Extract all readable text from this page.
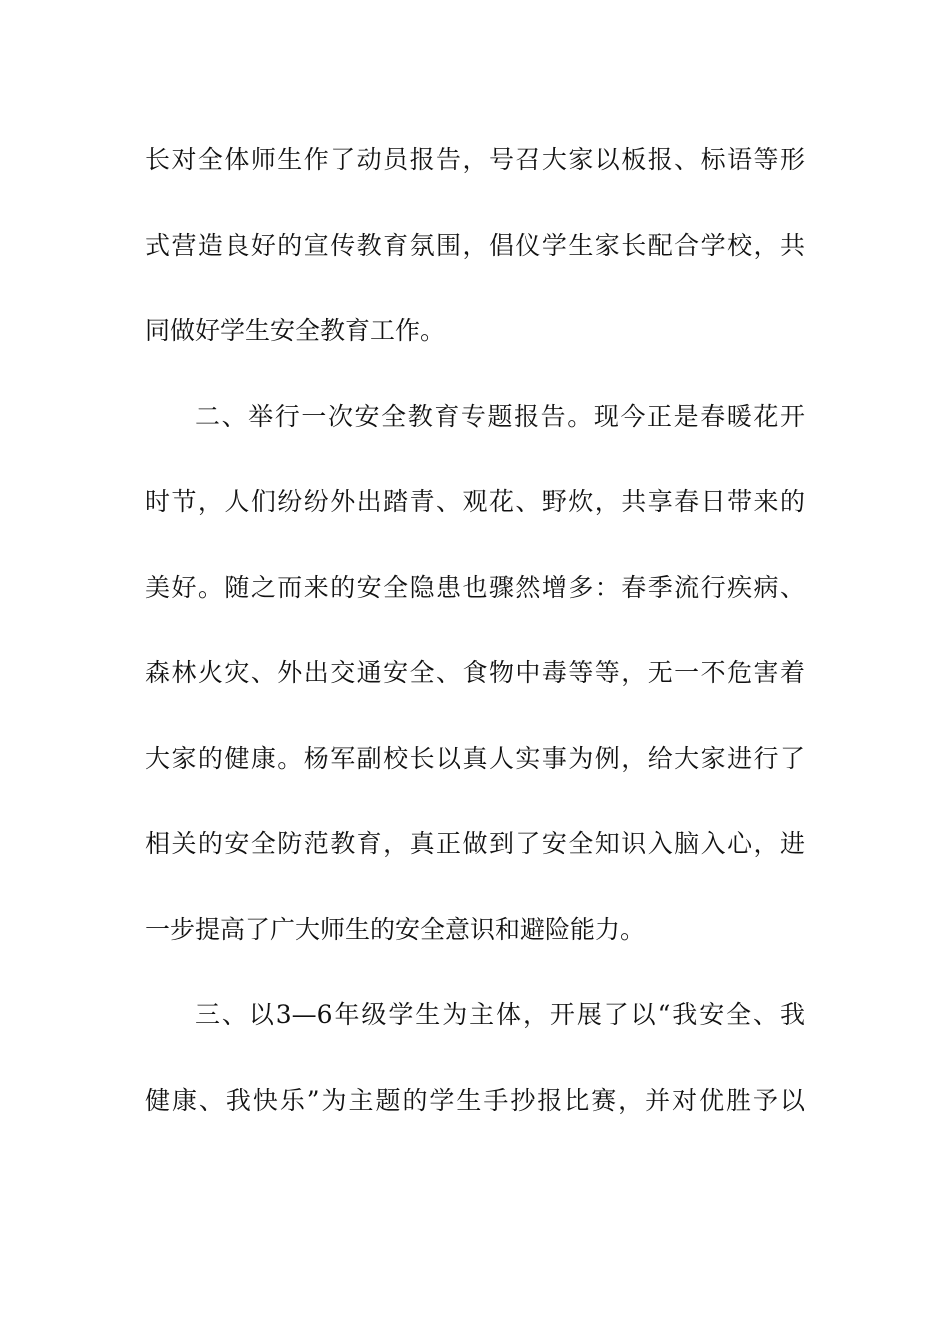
长对全体师生作了动员报告，号召大家以板报、标语等形
式营造良好的宣传教育氛围，倡仪学生家长配合学校，共
同做好学生安全教育工作。
二、举行一次安全教育专题报告。现今正是春暖花开
时节，人们纷纷外出踏青、观花、野炊，共享春日带来的
美好。随之而来的安全隐患也骤然增多：春季流行疾病、
森林火灾、外出交通安全、食物中毒等等，无一不危害着
大家的健康。杨军副校长以真人实事为例，给大家进行了
相关的安全防范教育，真正做到了安全知识入脑入心，进
一步提高了广大师生的安全意识和避险能力。
三、以3—6年级学生为主体，开展了以“我安全、我
健康、我快乐”为主题的学生手抄报比赛，并对优胜予以
